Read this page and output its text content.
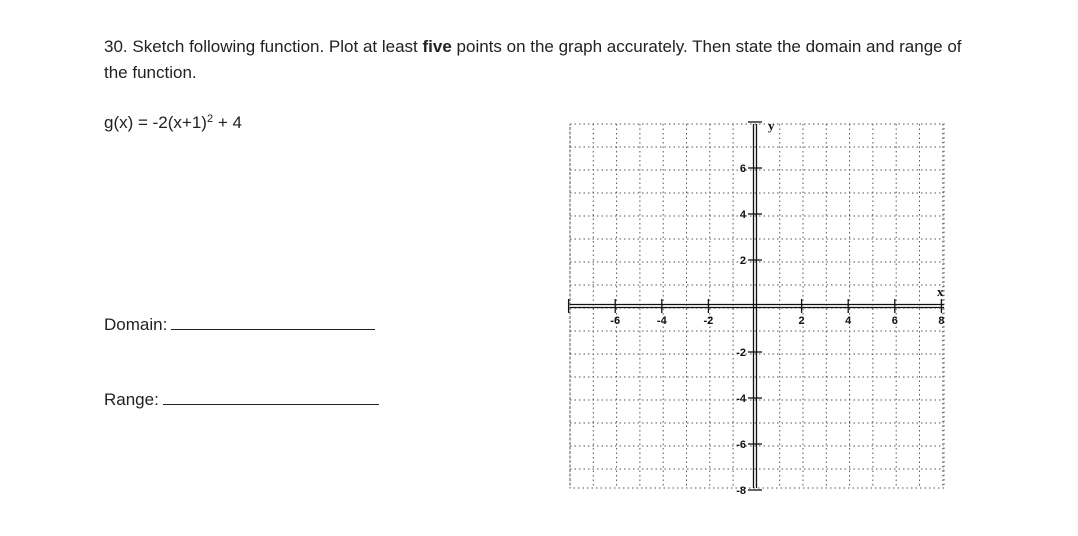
30. Sketch following function. Plot at least five points on the graph accurately. Then state the domain and range of the function.
$g(x) = -2(x+1)^2 + 4$
Domain:
Range:
-6	-4	-2	2	4	6	8
6
4
2
-2
-4
-6
-8
y
x
